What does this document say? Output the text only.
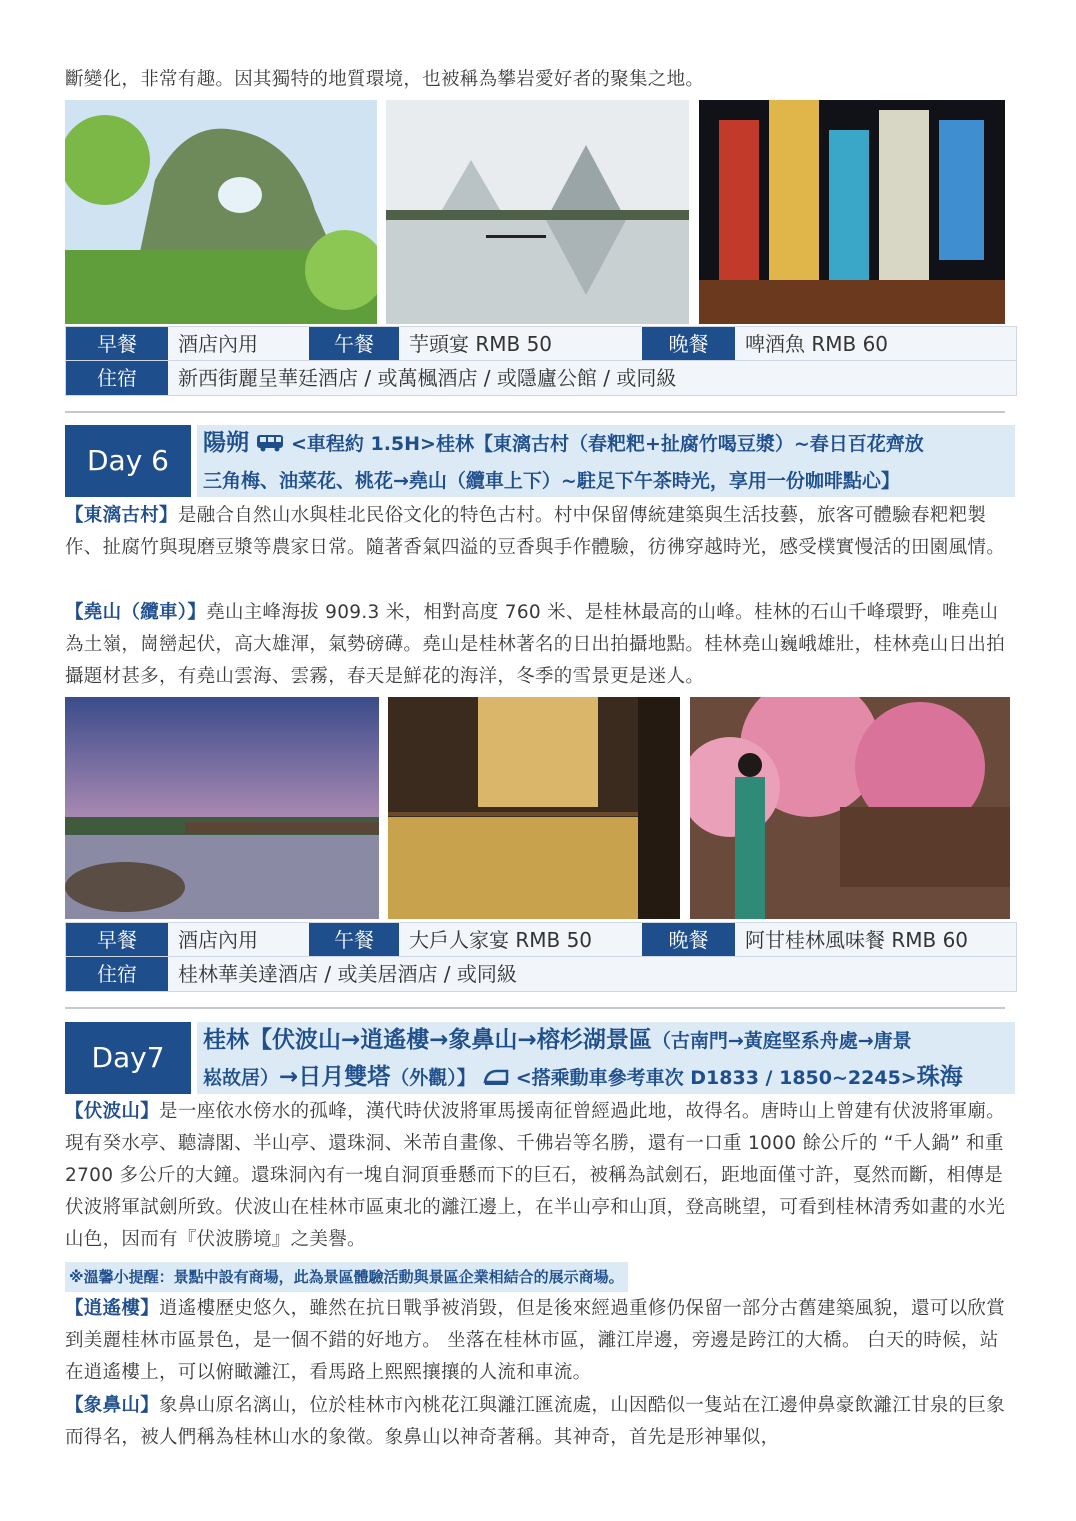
斷變化，非常有趣。因其獨特的地質環境，也被稱為攀岩愛好者的聚集之地。
早餐	酒店內用	午餐	芋頭宴 RMB 50	晚餐	啤酒魚 RMB 60
住宿	新西街麗呈華廷酒店 / 或萬楓酒店 / 或隱廬公館 / 或同級
Day 6
陽朔 <車程約 1.5H>桂林【東漓古村（春粑粑+扯腐竹喝豆漿）~春日百花齊放
三角梅、油菜花、桃花→堯山（纜車上下）~駐足下午茶時光，享用一份咖啡點心】
【東漓古村】是融合自然山水與桂北民俗文化的特色古村。村中保留傳統建築與生活技藝，旅客可體驗春粑粑製作、扯腐竹與現磨豆漿等農家日常。隨著香氣四溢的豆香與手作體驗，彷彿穿越時光，感受樸實慢活的田園風情。
【堯山（纜車）】堯山主峰海拔 909.3 米，相對高度 760 米、是桂林最高的山峰。桂林的石山千峰環野，唯堯山為土嶺，崗巒起伏，高大雄渾，氣勢磅礡。堯山是桂林著名的日出拍攝地點。桂林堯山巍峨雄壯，桂林堯山日出拍攝題材甚多，有堯山雲海、雲霧，春天是鮮花的海洋，冬季的雪景更是迷人。
早餐	酒店內用	午餐	大戶人家宴 RMB 50	晚餐	阿甘桂林風味餐 RMB 60
住宿	桂林華美達酒店 / 或美居酒店 / 或同級
Day7
桂林【伏波山→逍遙樓→象鼻山→榕杉湖景區（古南門→黃庭堅系舟處→唐景
崧故居）→日月雙塔（外觀）】 <搭乘動車參考車次 D1833 / 1850~2245>珠海
【伏波山】是一座依水傍水的孤峰，漢代時伏波將軍馬援南征曾經過此地，故得名。唐時山上曾建有伏波將軍廟。現有癸水亭、聽濤閣、半山亭、還珠洞、米芾自畫像、千佛岩等名勝，還有一口重 1000 餘公斤的 “千人鍋” 和重 2700 多公斤的大鐘。還珠洞內有一塊自洞頂垂懸而下的巨石，被稱為試劍石，距地面僅寸許，戛然而斷，相傳是伏波將軍試劍所致。伏波山在桂林市區東北的灕江邊上，在半山亭和山頂，登高眺望，可看到桂林清秀如畫的水光山色，因而有『伏波勝境』之美譽。
※溫馨小提醒：景點中設有商場，此為景區體驗活動與景區企業相結合的展示商場。
【逍遙樓】逍遙樓歷史悠久，雖然在抗日戰爭被消毀，但是後來經過重修仍保留一部分古舊建築風貌，還可以欣賞到美麗桂林市區景色，是一個不錯的好地方。 坐落在桂林市區，灕江岸邊，旁邊是跨江的大橋。 白天的時候，站在逍遙樓上，可以俯瞰灕江，看馬路上熙熙攘攘的人流和車流。
【象鼻山】象鼻山原名漓山，位於桂林市內桃花江與灕江匯流處，山因酷似一隻站在江邊伸鼻豪飲灕江甘泉的巨象而得名，被人們稱為桂林山水的象徵。象鼻山以神奇著稱。其神奇，首先是形神畢似，
